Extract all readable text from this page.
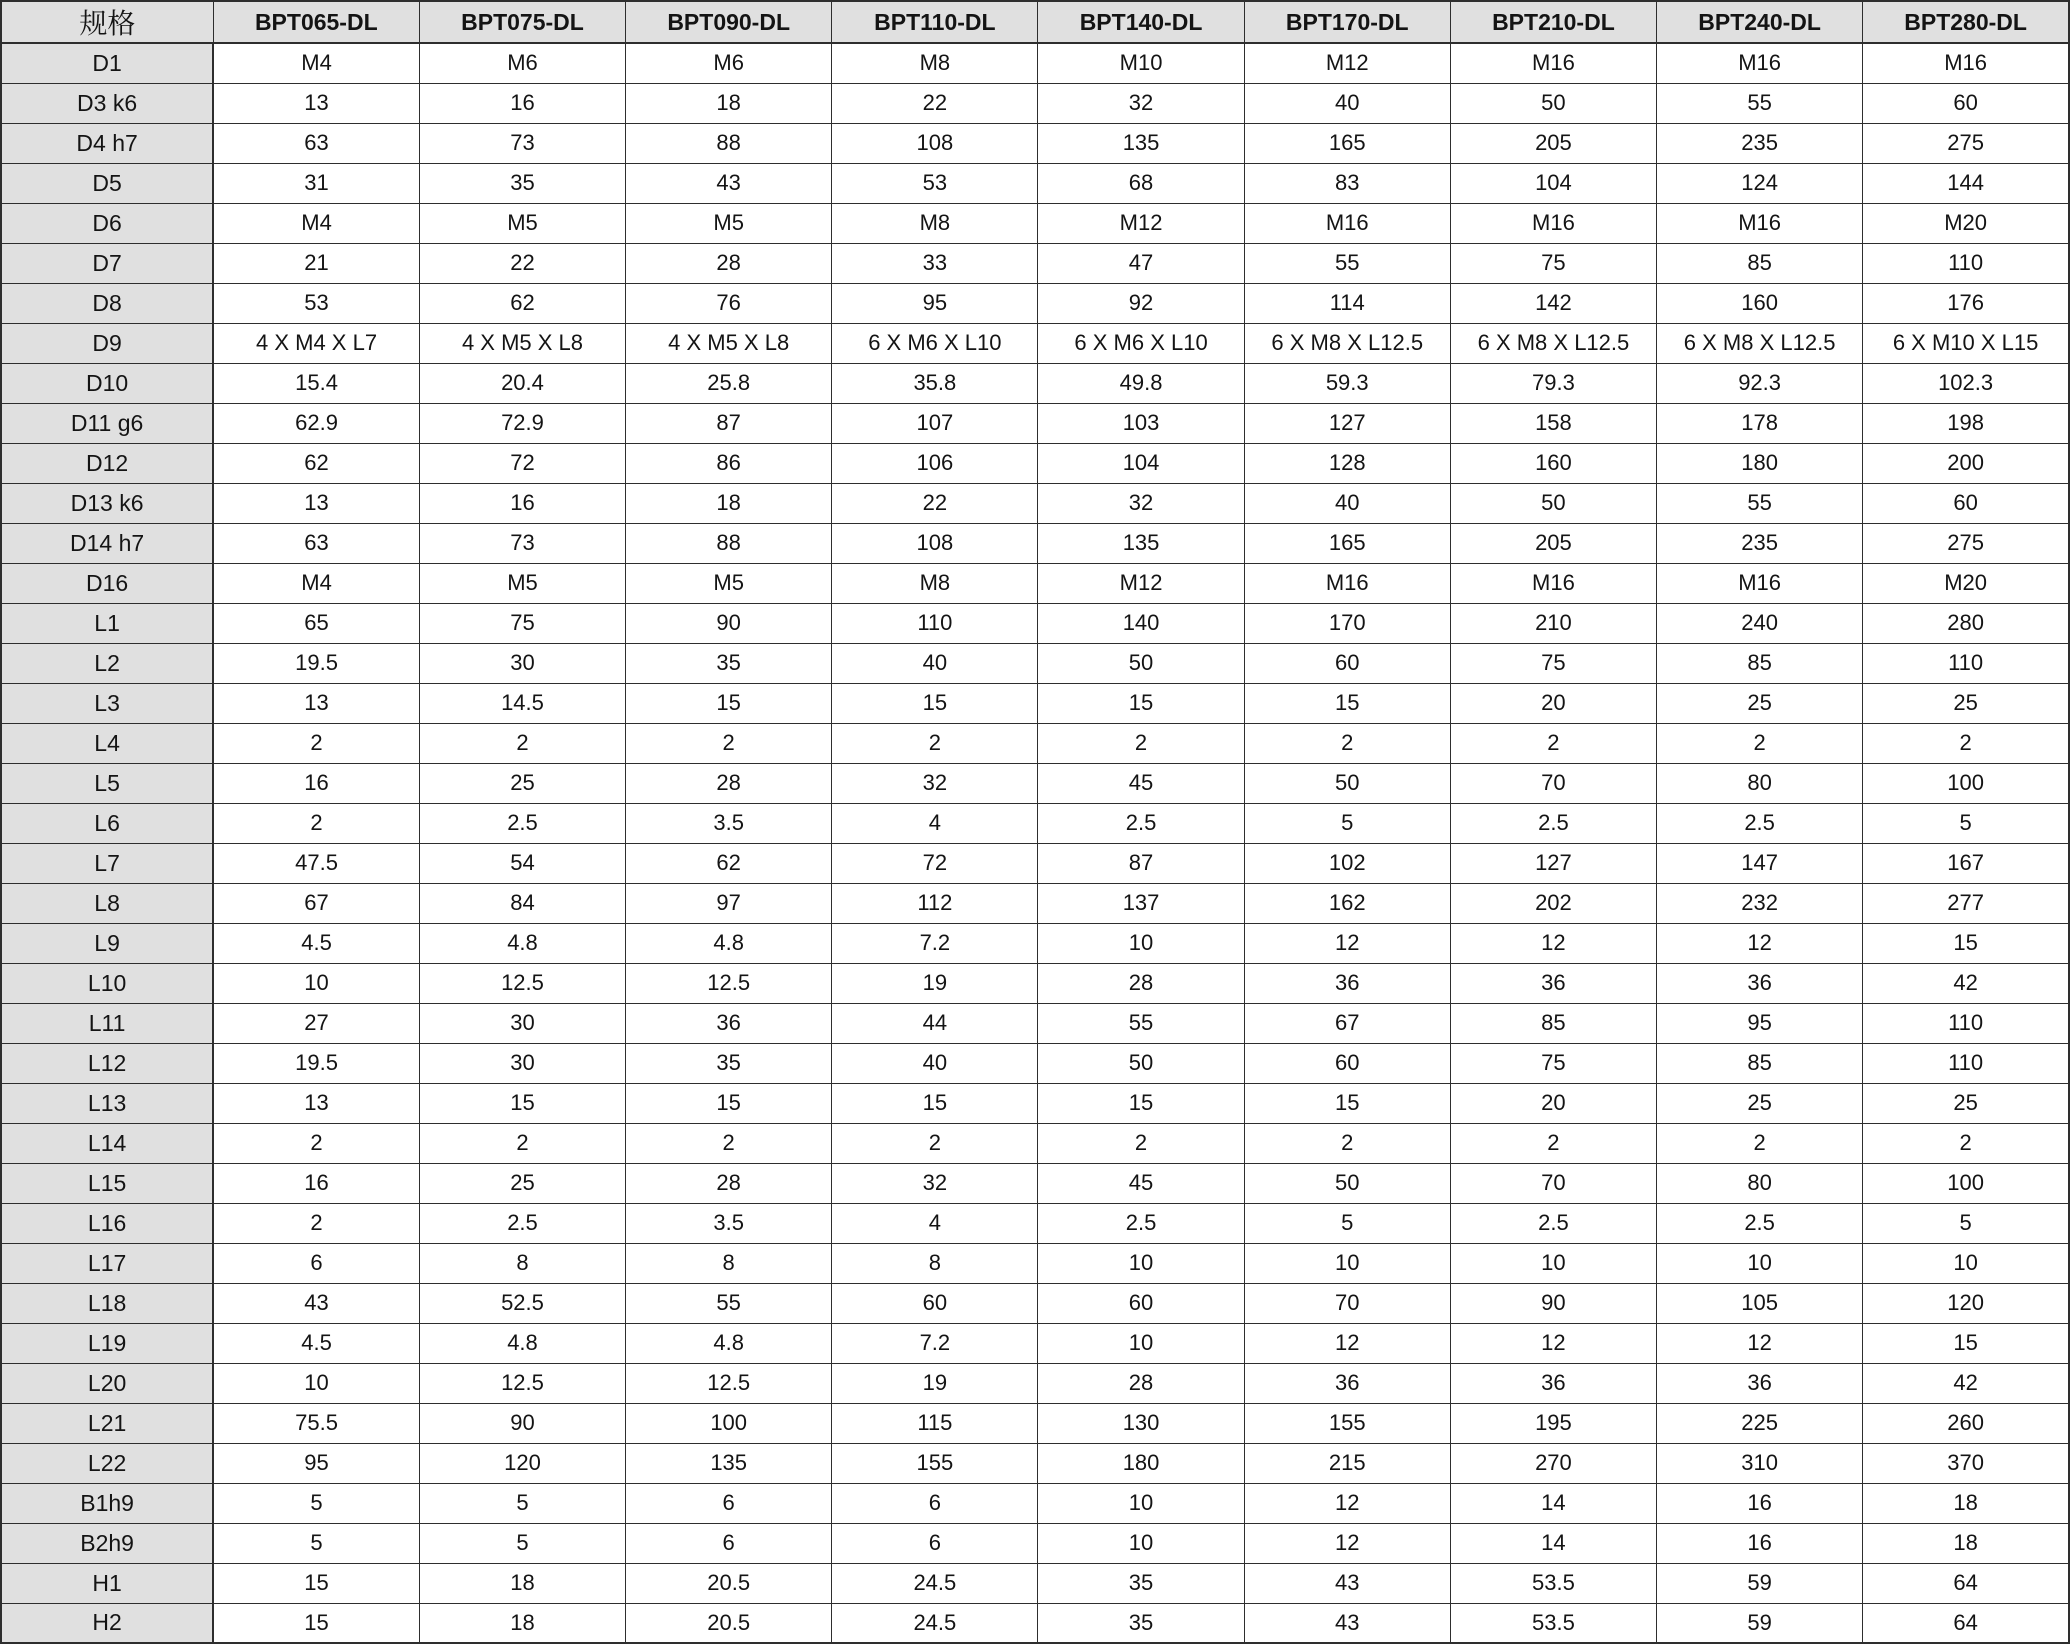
规格	BPT065-DL	BPT075-DL	BPT090-DL	BPT110-DL	BPT140-DL	BPT170-DL	BPT210-DL	BPT240-DL	BPT280-DL
D1	M4	M6	M6	M8	M10	M12	M16	M16	M16
D3 k6	13	16	18	22	32	40	50	55	60
D4 h7	63	73	88	108	135	165	205	235	275
D5	31	35	43	53	68	83	104	124	144
D6	M4	M5	M5	M8	M12	M16	M16	M16	M20
D7	21	22	28	33	47	55	75	85	110
D8	53	62	76	95	92	114	142	160	176
D9	4 X M4 X L7	4 X M5 X L8	4 X M5 X L8	6 X M6 X L10	6 X M6 X L10	6 X M8 X L12.5	6 X M8 X L12.5	6 X M8 X L12.5	6 X M10 X L15
D10	15.4	20.4	25.8	35.8	49.8	59.3	79.3	92.3	102.3
D11 g6	62.9	72.9	87	107	103	127	158	178	198
D12	62	72	86	106	104	128	160	180	200
D13 k6	13	16	18	22	32	40	50	55	60
D14 h7	63	73	88	108	135	165	205	235	275
D16	M4	M5	M5	M8	M12	M16	M16	M16	M20
L1	65	75	90	110	140	170	210	240	280
L2	19.5	30	35	40	50	60	75	85	110
L3	13	14.5	15	15	15	15	20	25	25
L4	2	2	2	2	2	2	2	2	2
L5	16	25	28	32	45	50	70	80	100
L6	2	2.5	3.5	4	2.5	5	2.5	2.5	5
L7	47.5	54	62	72	87	102	127	147	167
L8	67	84	97	112	137	162	202	232	277
L9	4.5	4.8	4.8	7.2	10	12	12	12	15
L10	10	12.5	12.5	19	28	36	36	36	42
L11	27	30	36	44	55	67	85	95	110
L12	19.5	30	35	40	50	60	75	85	110
L13	13	15	15	15	15	15	20	25	25
L14	2	2	2	2	2	2	2	2	2
L15	16	25	28	32	45	50	70	80	100
L16	2	2.5	3.5	4	2.5	5	2.5	2.5	5
L17	6	8	8	8	10	10	10	10	10
L18	43	52.5	55	60	60	70	90	105	120
L19	4.5	4.8	4.8	7.2	10	12	12	12	15
L20	10	12.5	12.5	19	28	36	36	36	42
L21	75.5	90	100	115	130	155	195	225	260
L22	95	120	135	155	180	215	270	310	370
B1h9	5	5	6	6	10	12	14	16	18
B2h9	5	5	6	6	10	12	14	16	18
H1	15	18	20.5	24.5	35	43	53.5	59	64
H2	15	18	20.5	24.5	35	43	53.5	59	64
